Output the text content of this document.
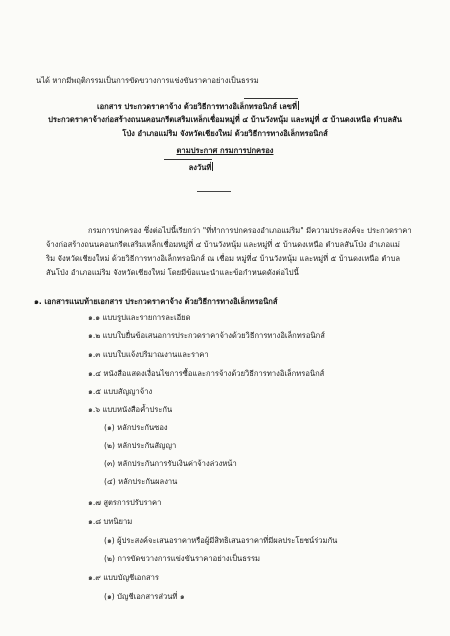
นได้ หากมีพฤติกรรมเป็นการขัดขวางการแข่งขันราคาอย่างเป็นธรรม
เอกสาร ประกวดราคาจ้าง ด้วยวิธีการทางอิเล็กทรอนิกส์ เลขที่
ประกวดราคาจ้างก่อสร้างถนนคอนกรีตเสริมเหล็กเชื่อมหมู่ที่ ๔ บ้านวังหนุ้ม และหมู่ที่ ๕ บ้านดงเหนือ ตำบลสัน
โป่ง อำเภอแม่ริม จังหวัดเชียงใหม่ ด้วยวิธีการทางอิเล็กทรอนิกส์
ตามประกาศ กรมการปกครอง
ลงวันที่
กรมการปกครอง ซึ่งต่อไปนี้เรียกว่า "ที่ทำการปกครองอำเภอแม่ริม" มีความประสงค์จะ ประกวดราคา
จ้างก่อสร้างถนนคอนกรีตเสริมเหล็กเชื่อมหมู่ที่ ๔ บ้านวังหนุ้ม และหมู่ที่ ๕ บ้านดงเหนือ ตำบลสันโป่ง อำเภอแม่
ริม จังหวัดเชียงใหม่ ด้วยวิธีการทางอิเล็กทรอนิกส์ ณ เชื่อม หมู่ที่๔ บ้านวังหนุ้ม และหมู่ที่ ๕ บ้านดงเหนือ ตำบล
สันโป่ง อำเภอแม่ริม จังหวัดเชียงใหม่ โดยมีข้อแนะนำและข้อกำหนดดังต่อไปนี้
๑. เอกสารแนบท้ายเอกสาร ประกวดราคาจ้าง ด้วยวิธีการทางอิเล็กทรอนิกส์
๑.๑ แบบรูปและรายการละเอียด
๑.๒ แบบใบยื่นข้อเสนอการประกวดราคาจ้างด้วยวิธีการทางอิเล็กทรอนิกส์
๑.๓ แบบใบแจ้งปริมาณงานและราคา
๑.๔ หนังสือแสดงเงื่อนไขการซื้อและการจ้างด้วยวิธีการทางอิเล็กทรอนิกส์
๑.๕ แบบสัญญาจ้าง
๑.๖ แบบหนังสือค้ำประกัน
(๑) หลักประกันซอง
(๒) หลักประกันสัญญา
(๓) หลักประกันการรับเงินค่าจ้างล่วงหน้า
(๔) หลักประกันผลงาน
๑.๗ สูตรการปรับราคา
๑.๘ บทนิยาม
(๑) ผู้ประสงค์จะเสนอราคาหรือผู้มีสิทธิเสนอราคาที่มีผลประโยชน์ร่วมกัน
(๒) การขัดขวางการแข่งขันราคาอย่างเป็นธรรม
๑.๙ แบบบัญชีเอกสาร
(๑) บัญชีเอกสารส่วนที่ ๑
